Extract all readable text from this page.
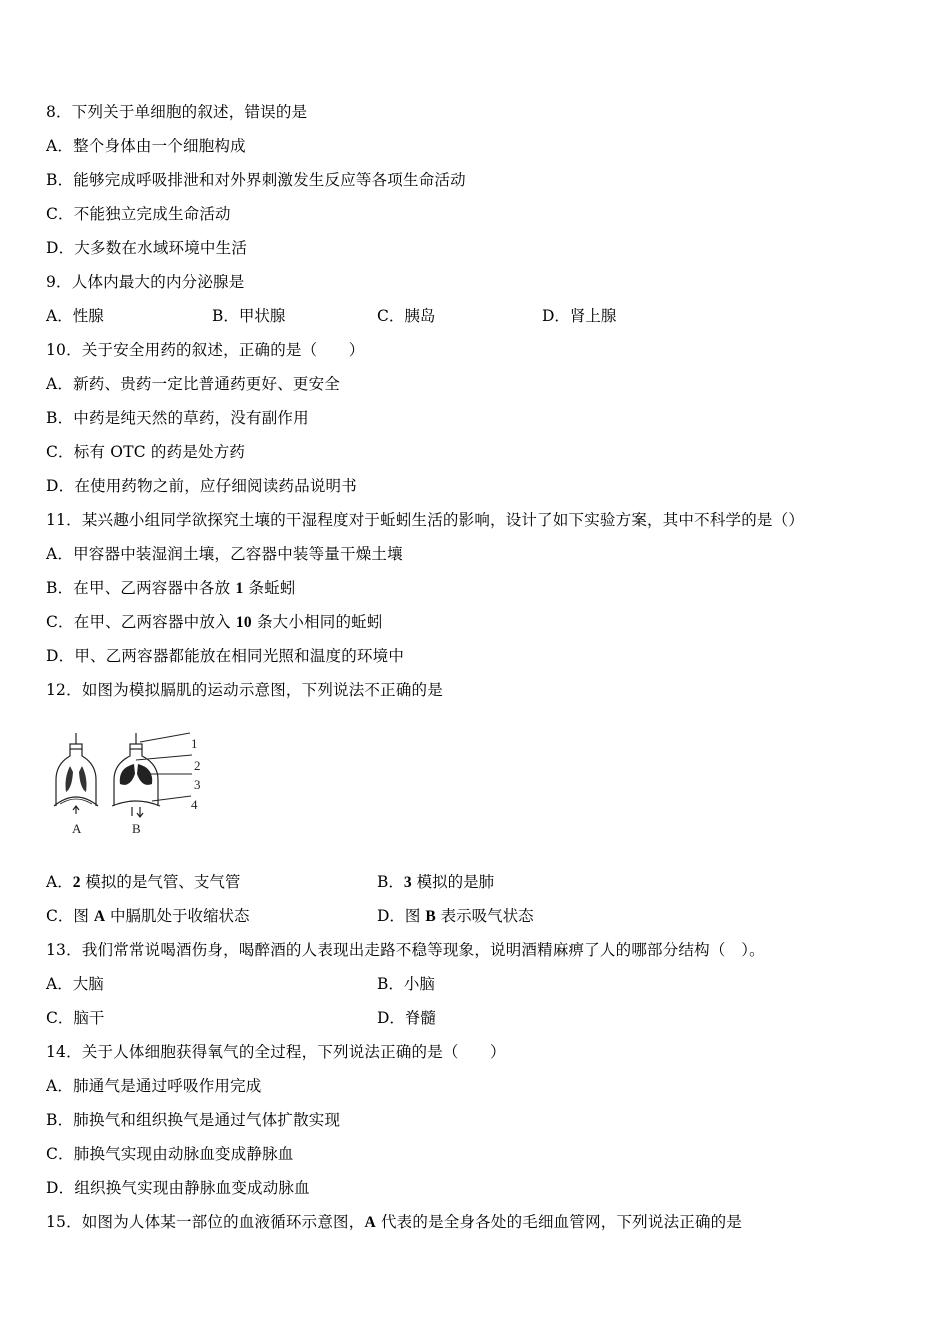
8．下列关于单细胞的叙述，错误的是
A．整个身体由一个细胞构成
B．能够完成呼吸排泄和对外界刺激发生反应等各项生命活动
C．不能独立完成生命活动
D．大多数在水域环境中生活
9．人体内最大的内分泌腺是
A．性腺	B．甲状腺	C．胰岛	D．肾上腺
10．关于安全用药的叙述，正确的是（　　）
A．新药、贵药一定比普通药更好、更安全
B．中药是纯天然的草药，没有副作用
C．标有 OTC 的药是处方药
D．在使用药物之前，应仔细阅读药品说明书
11．某兴趣小组同学欲探究土壤的干湿程度对于蚯蚓生活的影响，设计了如下实验方案，其中不科学的是（）
A．甲容器中装湿润土壤，乙容器中装等量干燥土壤
B．在甲、乙两容器中各放 1 条蚯蚓
C．在甲、乙两容器中放入 10 条大小相同的蚯蚓
D．甲、乙两容器都能放在相同光照和温度的环境中
12．如图为模拟膈肌的运动示意图，下列说法不正确的是
1
2
3
4
A	B
A．2 模拟的是气管、支气管	B．3 模拟的是肺
C．图 A 中膈肌处于收缩状态	D．图 B 表示吸气状态
13．我们常常说喝酒伤身，喝醉酒的人表现出走路不稳等现象，说明酒精麻痹了人的哪部分结构（　）。
A．大脑	B．小脑
C．脑干	D．脊髓
14．关于人体细胞获得氧气的全过程，下列说法正确的是（　　）
A．肺通气是通过呼吸作用完成
B．肺换气和组织换气是通过气体扩散实现
C．肺换气实现由动脉血变成静脉血
D．组织换气实现由静脉血变成动脉血
15．如图为人体某一部位的血液循环示意图，A 代表的是全身各处的毛细血管网，下列说法正确的是
